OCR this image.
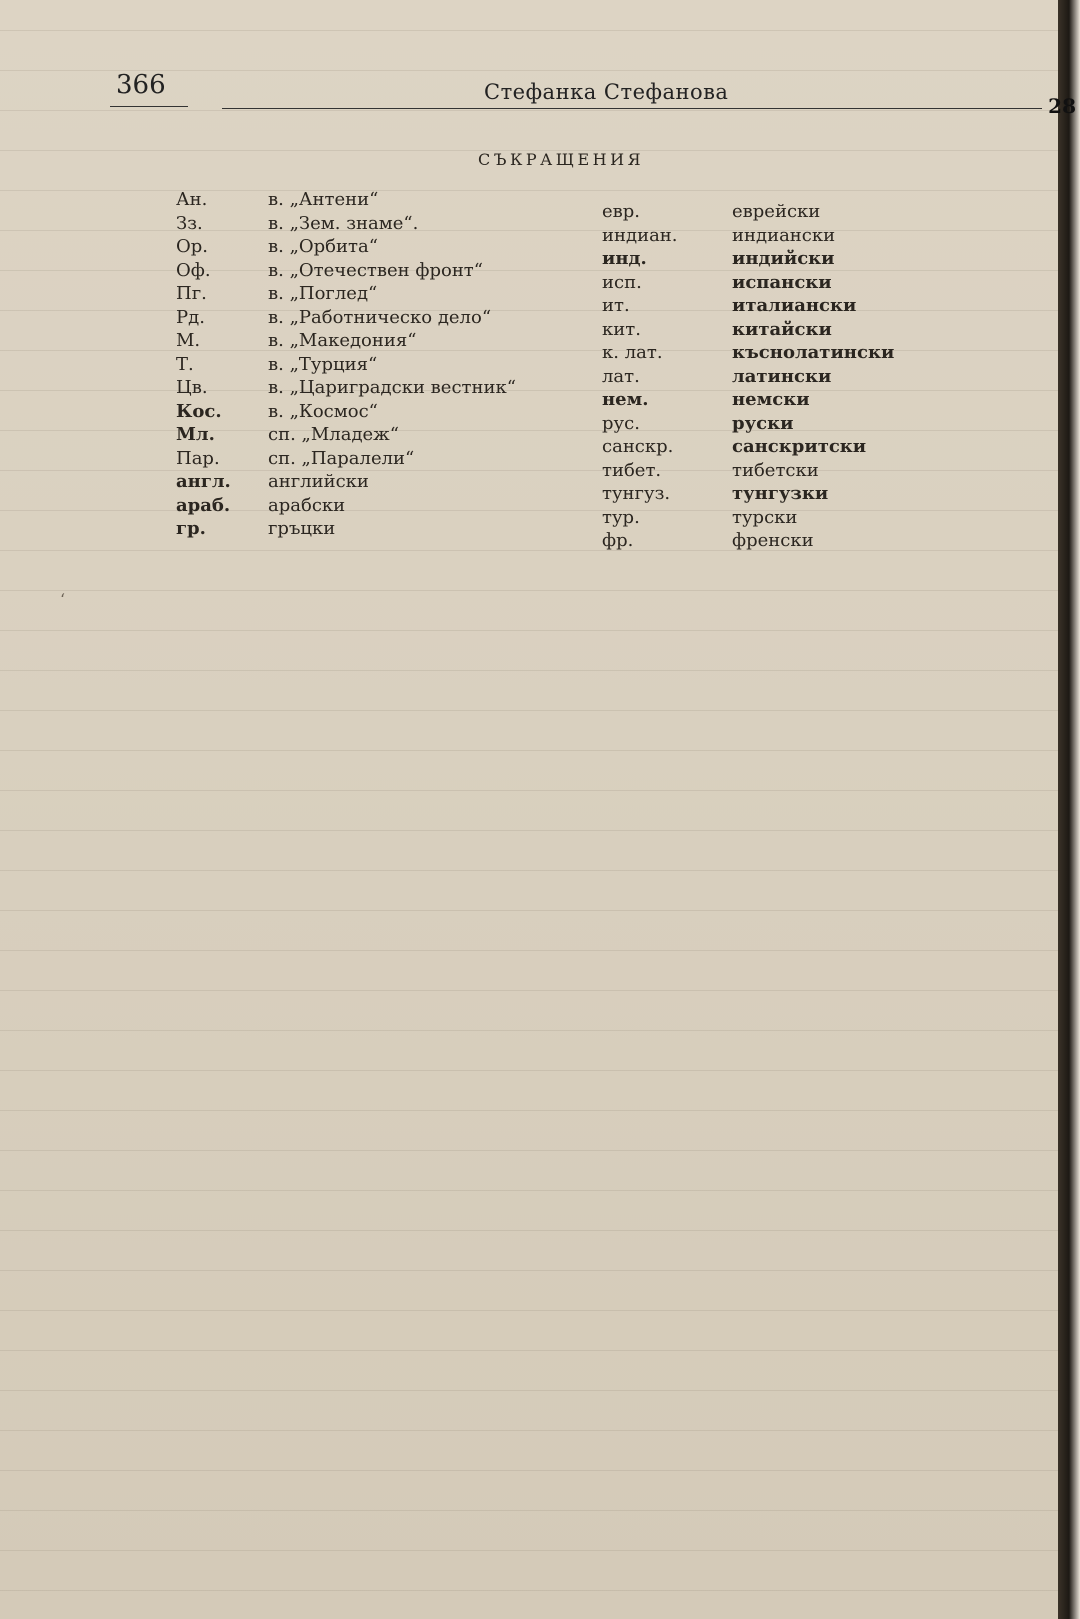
366	Стефанка Стефанова
СЪКРАЩЕНИЯ
Ан.
Зз.
Ор.
Оф.
Пг.
Рд.
М.
Т.
Цв.
Кос.
Мл.
Пар.
англ.
араб.
гр.
в. „Антени“
в. „Зем. знаме“.
в. „Орбита“
в. „Отечествен фронт“
в. „Поглед“
в. „Работническо дело“
в. „Македония“
в. „Турция“
в. „Цариградски вестник“
в. „Космос“
сп. „Младеж“
сп. „Паралели“
английски
арабски
гръцки
евр.
индиан.
инд.
исп.
ит.
кит.
к. лат.
лат.
нем.
рус.
санскр.
тибет.
тунгуз.
тур.
фр.
еврейски
индиански
индийски
испански
италиански
китайски
къснолатински
латински
немски
руски
санскритски
тибетски
тунгузки
турски
френски
‘
28
